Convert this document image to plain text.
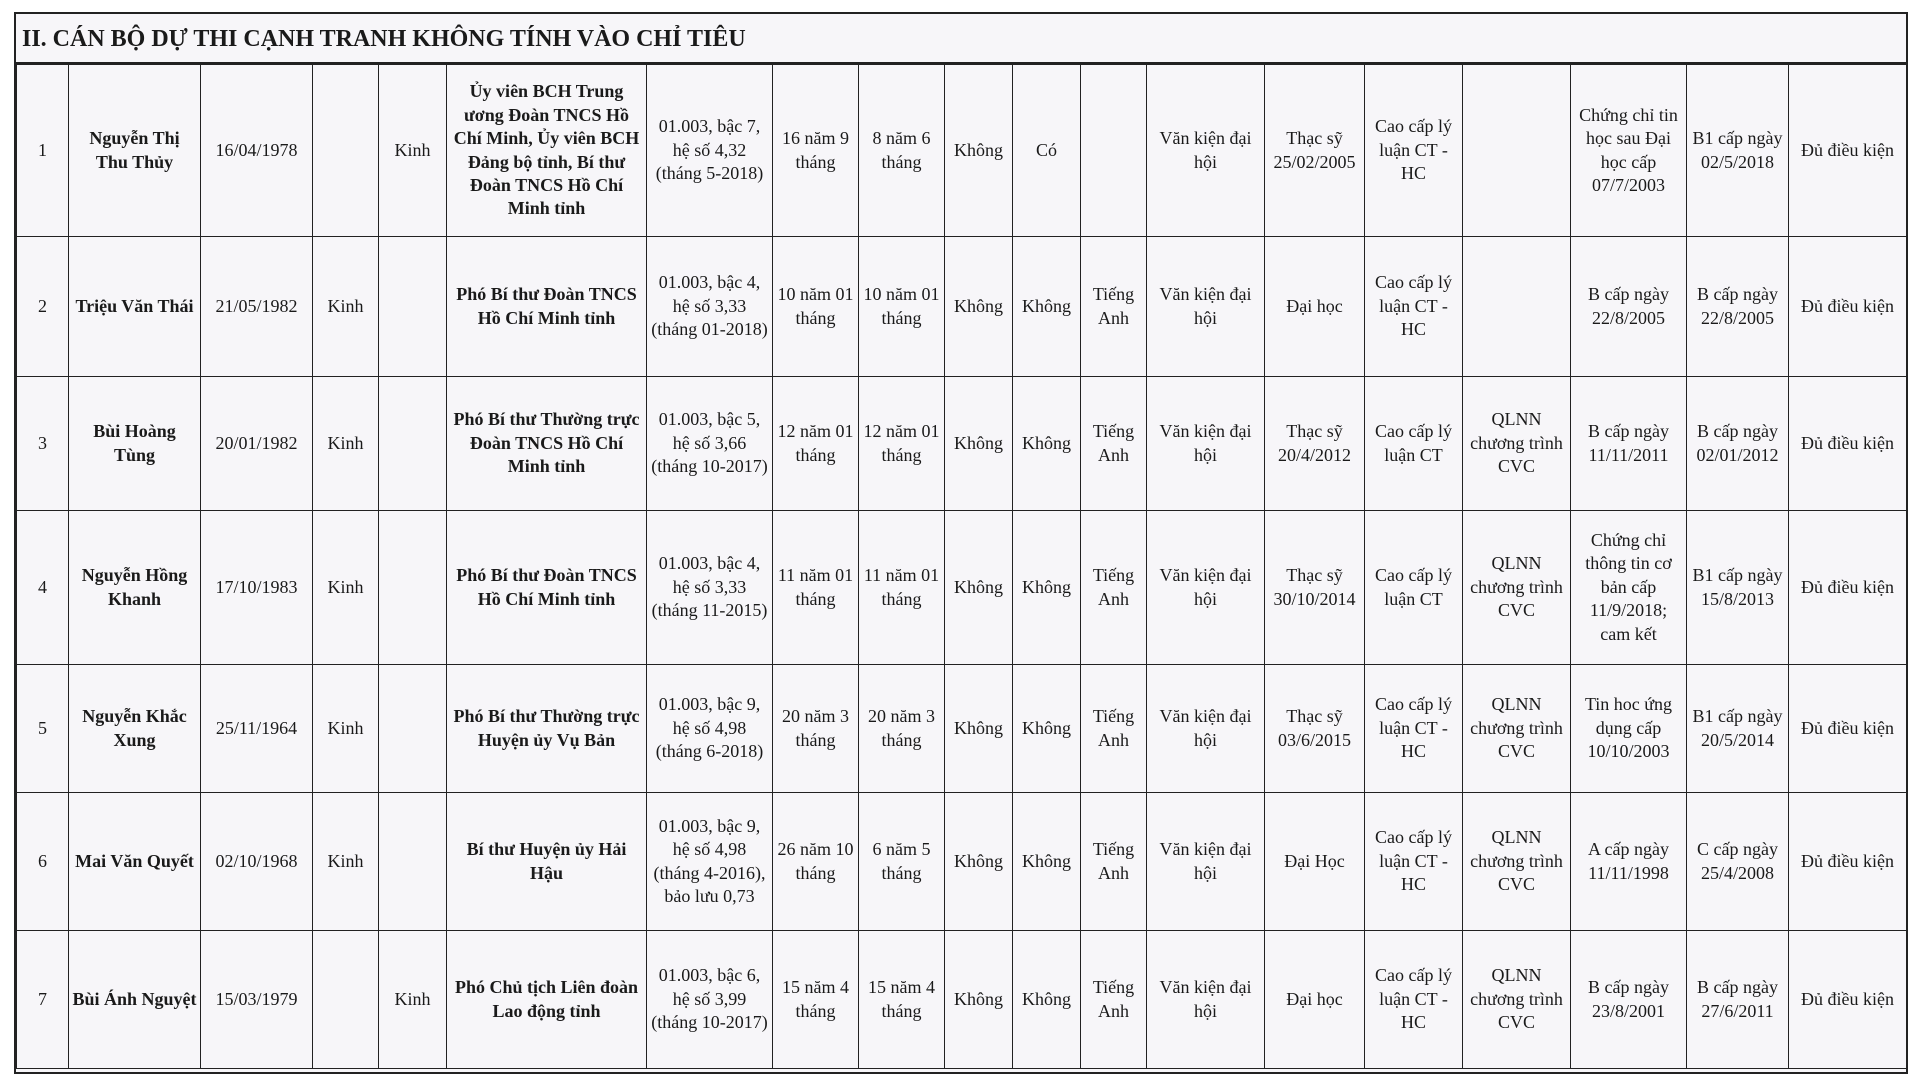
II. CÁN BỘ DỰ THI CẠNH TRANH KHÔNG TÍNH VÀO CHỈ TIÊU
1	Nguyễn Thị Thu Thủy	16/04/1978		Kinh	Ủy viên BCH Trung ương Đoàn TNCS Hồ Chí Minh, Ủy viên BCH Đảng bộ tỉnh, Bí thư Đoàn TNCS Hồ Chí Minh tỉnh	01.003, bậc 7, hệ số 4,32 (tháng 5-2018)	16 năm 9 tháng	8 năm 6 tháng	Không	Có		Văn kiện đại hội	Thạc sỹ 25/02/2005	Cao cấp lý luận CT - HC		Chứng chỉ tin học sau Đại học cấp 07/7/2003	B1 cấp ngày 02/5/2018	Đủ điều kiện
2	Triệu Văn Thái	21/05/1982	Kinh		Phó Bí thư Đoàn TNCS Hồ Chí Minh tỉnh	01.003, bậc 4, hệ số 3,33 (tháng 01-2018)	10 năm 01 tháng	10 năm 01 tháng	Không	Không	Tiếng Anh	Văn kiện đại hội	Đại học	Cao cấp lý luận CT - HC		B cấp ngày 22/8/2005	B cấp ngày 22/8/2005	Đủ điều kiện
3	Bùi Hoàng Tùng	20/01/1982	Kinh		Phó Bí thư Thường trực Đoàn TNCS Hồ Chí Minh tỉnh	01.003, bậc 5, hệ số 3,66 (tháng 10-2017)	12 năm 01 tháng	12 năm 01 tháng	Không	Không	Tiếng Anh	Văn kiện đại hội	Thạc sỹ 20/4/2012	Cao cấp lý luận CT	QLNN chương trình CVC	B cấp ngày 11/11/2011	B cấp ngày 02/01/2012	Đủ điều kiện
4	Nguyễn Hồng Khanh	17/10/1983	Kinh		Phó Bí thư Đoàn TNCS Hồ Chí Minh tỉnh	01.003, bậc 4, hệ số 3,33 (tháng 11-2015)	11 năm 01 tháng	11 năm 01 tháng	Không	Không	Tiếng Anh	Văn kiện đại hội	Thạc sỹ 30/10/2014	Cao cấp lý luận CT	QLNN chương trình CVC	Chứng chỉ thông tin cơ bản cấp 11/9/2018; cam kết	B1 cấp ngày 15/8/2013	Đủ điều kiện
5	Nguyễn Khắc Xung	25/11/1964	Kinh		Phó Bí thư Thường trực Huyện ủy Vụ Bản	01.003, bậc 9, hệ số 4,98 (tháng 6-2018)	20 năm 3 tháng	20 năm 3 tháng	Không	Không	Tiếng Anh	Văn kiện đại hội	Thạc sỹ 03/6/2015	Cao cấp lý luận CT - HC	QLNN chương trình CVC	Tin hoc ứng dụng cấp 10/10/2003	B1 cấp ngày 20/5/2014	Đủ điều kiện
6	Mai Văn Quyết	02/10/1968	Kinh		Bí thư Huyện ủy Hải Hậu	01.003, bậc 9, hệ số 4,98 (tháng 4-2016), bảo lưu 0,73	26 năm 10 tháng	6 năm 5 tháng	Không	Không	Tiếng Anh	Văn kiện đại hội	Đại Học	Cao cấp lý luận CT - HC	QLNN chương trình CVC	A cấp ngày 11/11/1998	C cấp ngày 25/4/2008	Đủ điều kiện
7	Bùi Ánh Nguyệt	15/03/1979		Kinh	Phó Chủ tịch Liên đoàn Lao động tỉnh	01.003, bậc 6, hệ số 3,99 (tháng 10-2017)	15 năm 4 tháng	15 năm 4 tháng	Không	Không	Tiếng Anh	Văn kiện đại hội	Đại học	Cao cấp lý luận CT - HC	QLNN chương trình CVC	B cấp ngày 23/8/2001	B cấp ngày 27/6/2011	Đủ điều kiện
